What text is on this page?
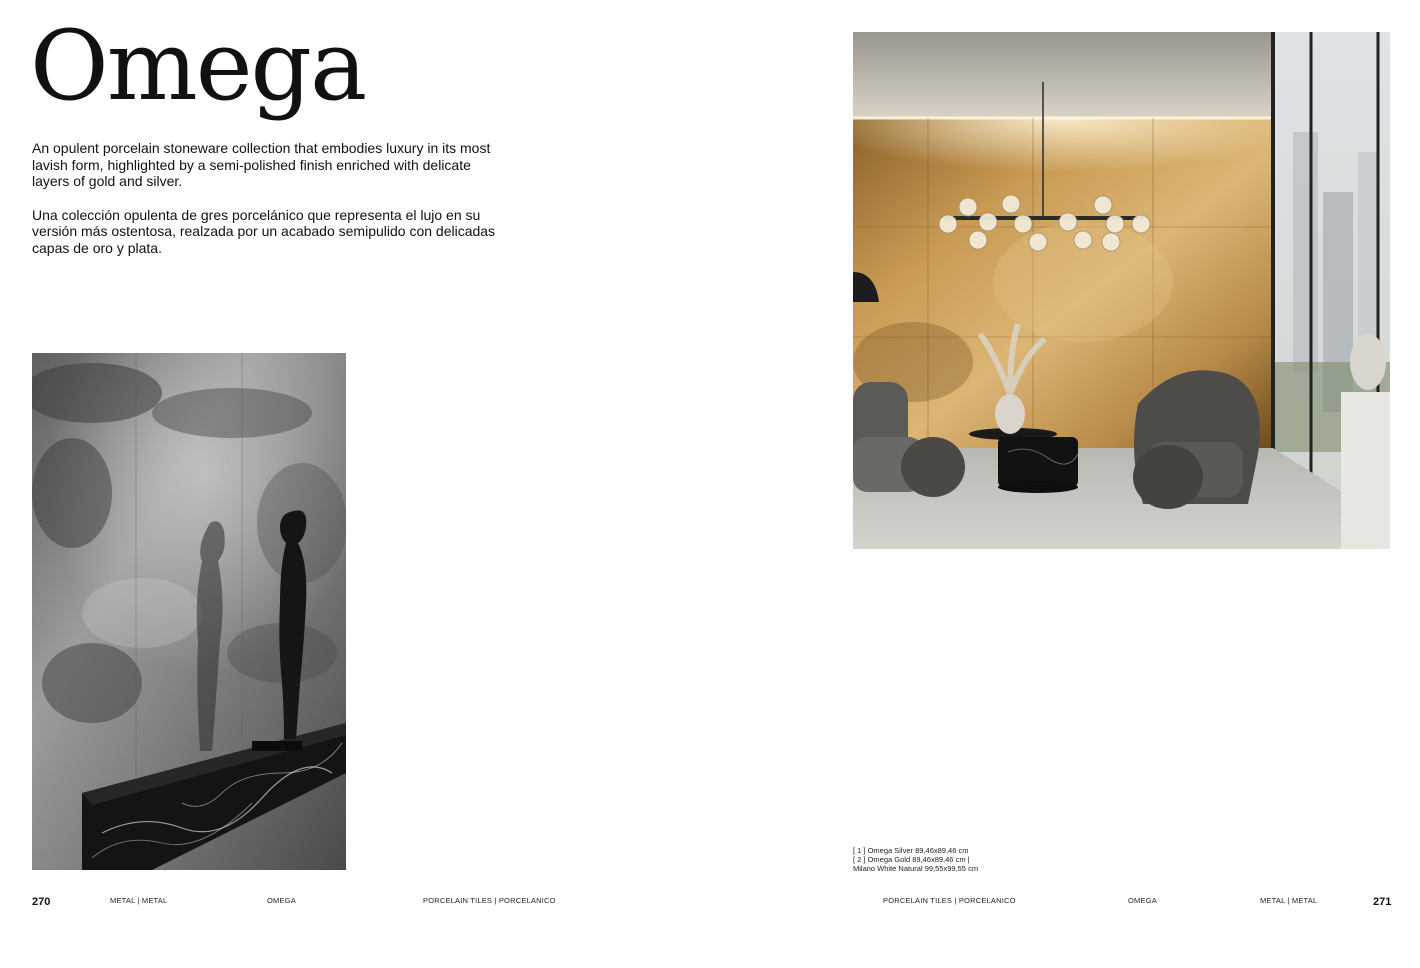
Omega

An opulent porcelain stoneware collection that embodies luxury in its most lavish form, highlighted by a semi-polished finish enriched with delicate layers of gold and silver.

Una colección opulenta de gres porcelánico que representa el lujo en su versión más ostentosa, realzada por un acabado semipulido con delicadas capas de oro y plata.

[ 1 ] Omega Silver 89,46x89,46 cm
[ 2 ] Omega Gold 89,46x89,46 cm |
Milano White Natural 99,55x99,55 cm
270	METAL | METAL	OMEGA	PORCELAIN TILES | PORCELANICO	PORCELAIN TILES | PORCELANICO	OMEGA	METAL | METAL	271
